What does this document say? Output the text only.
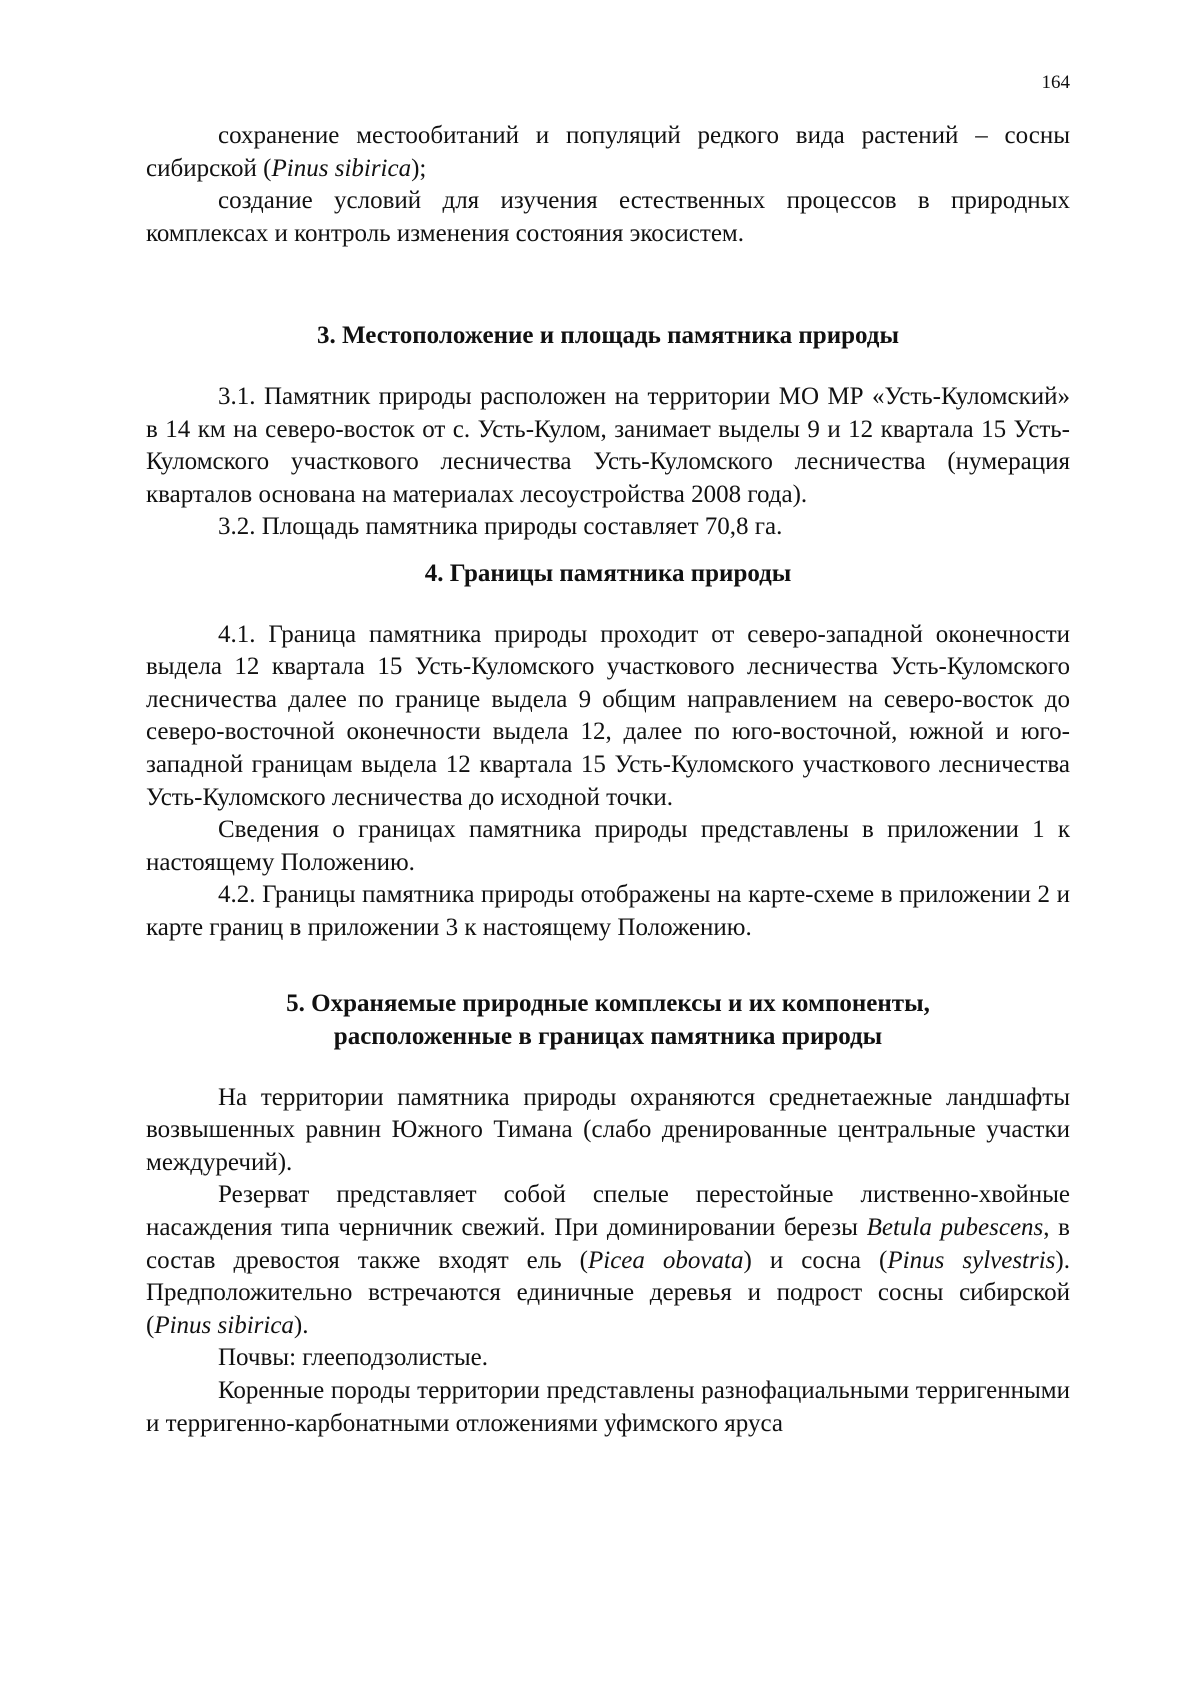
164

сохранение местообитаний и популяций редкого вида растений – сосны сибирской (Pinus sibirica);

создание условий для изучения естественных процессов в природных комплексах и контроль изменения состояния экосистем.

3. Местоположение и площадь памятника природы

3.1. Памятник природы расположен на территории МО МР «Усть-Куломский» в 14 км на северо-восток от с. Усть-Кулом, занимает выделы 9 и 12 квартала 15 Усть-Куломского участкового лесничества Усть-Куломского лесничества (нумерация кварталов основана на материалах лесоустройства 2008 года).

3.2. Площадь памятника природы составляет 70,8 га.

4. Границы памятника природы

4.1. Граница памятника природы проходит от северо-западной оконечности выдела 12 квартала 15 Усть-Куломского участкового лесничества Усть-Куломского лесничества далее по границе выдела 9 общим направлением на северо-восток до северо-восточной оконечности выдела 12, далее по юго-восточной, южной и юго-западной границам выдела 12 квартала 15 Усть-Куломского участкового лесничества Усть-Куломского лесничества до исходной точки.

Сведения о границах памятника природы представлены в приложении 1 к настоящему Положению.

4.2. Границы памятника природы отображены на карте-схеме в приложении 2 и карте границ в приложении 3 к настоящему Положению.

5. Охраняемые природные комплексы и их компоненты,
расположенные в границах памятника природы

На территории памятника природы охраняются среднетаежные ландшафты возвышенных равнин Южного Тимана (слабо дренированные центральные участки междуречий).

Резерват представляет собой спелые перестойные лиственно-хвойные насаждения типа черничник свежий. При доминировании березы Betula pubescens, в состав древостоя также входят ель (Picea obovata) и сосна (Pinus sylvestris). Предположительно встречаются единичные деревья и подрост сосны сибирской (Pinus sibirica).

Почвы: глееподзолистые.

Коренные породы территории представлены разнофациальными терригенными и терригенно-карбонатными отложениями уфимского яруса
